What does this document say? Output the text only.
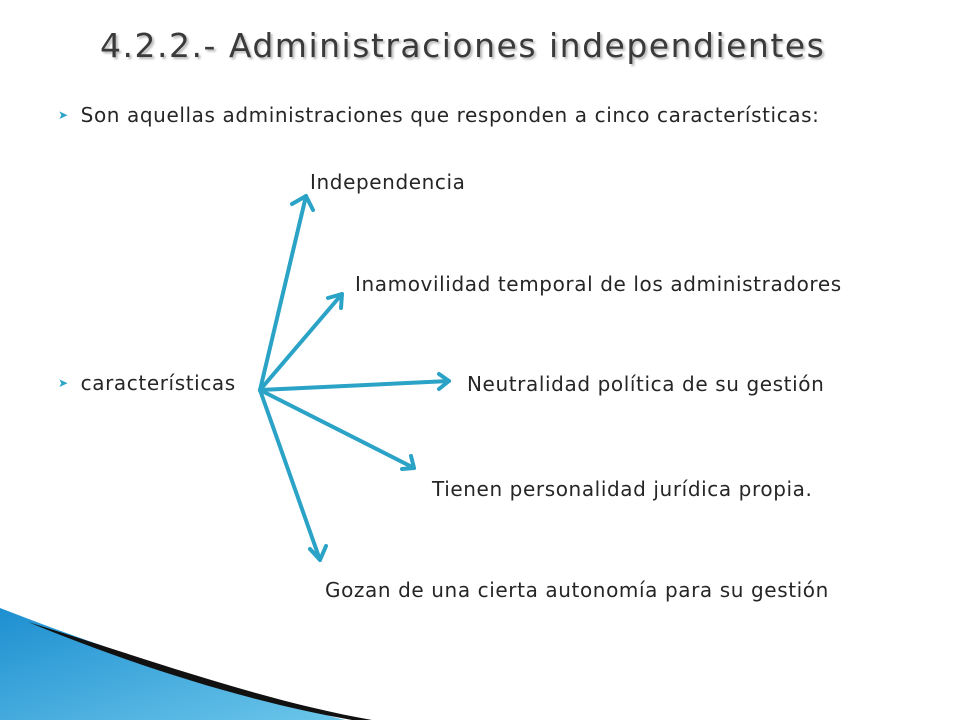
4.2.2.- Administraciones independientes
➤ Son aquellas administraciones que responden a cinco características:
➤ características
Independencia
Inamovilidad temporal de los administradores
Neutralidad política de su gestión
Tienen personalidad jurídica propia.
Gozan de una cierta autonomía para su gestión
